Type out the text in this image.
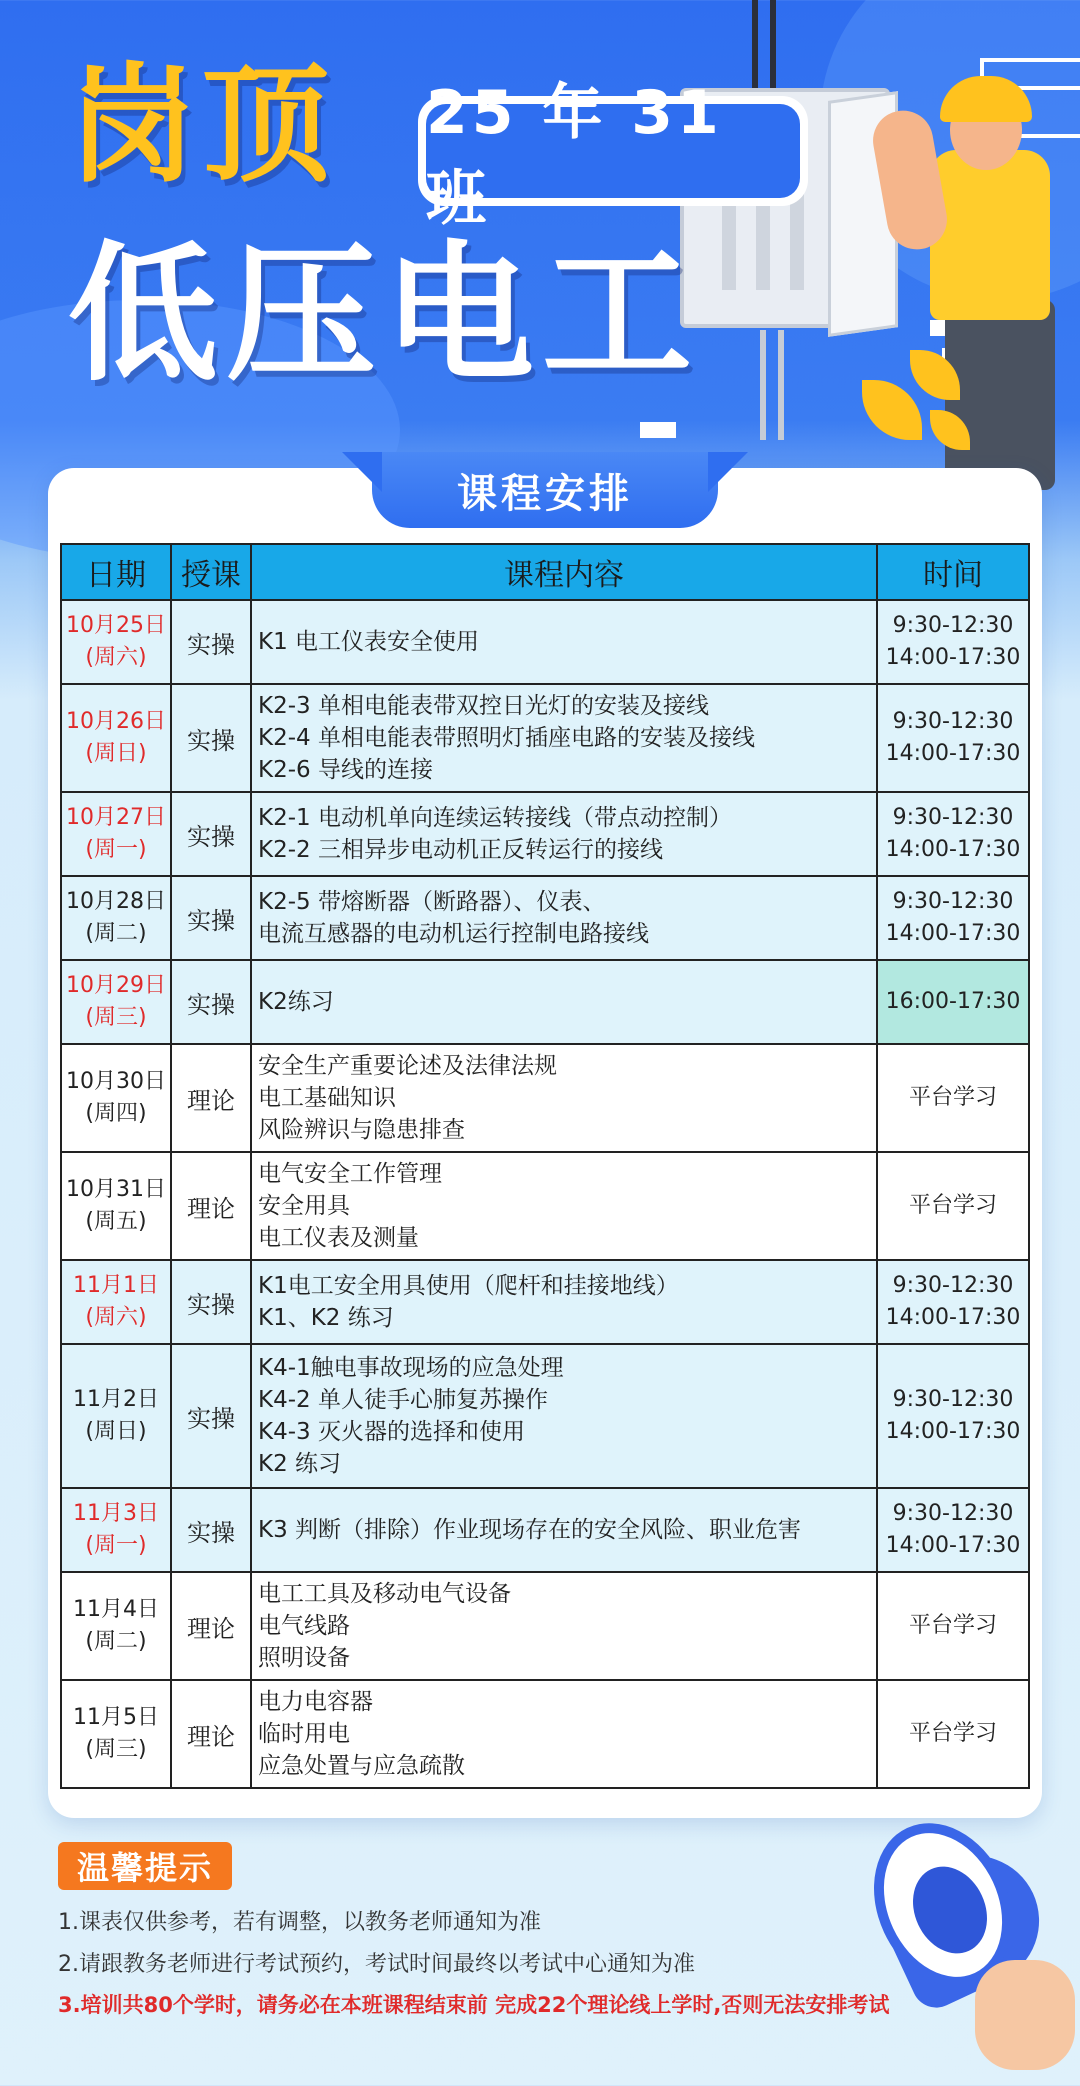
岗顶
低压电工
25 年 31 班
课程安排
日期	授课	课程内容	时间

10月25日
(周六)	实操	K1 电工仪表安全使用	9:30-12:30
14:00-17:30

10月26日
(周日)	实操	K2-3 单相电能表带双控日光灯的安装及接线
K2-4 单相电能表带照明灯插座电路的安装及接线
K2-6 导线的连接	9:30-12:30
14:00-17:30

10月27日
(周一)	实操	K2-1 电动机单向连续运转接线（带点动控制）
K2-2 三相异步电动机正反转运行的接线	9:30-12:30
14:00-17:30

10月28日
(周二)	实操	K2-5 带熔断器（断路器）、仪表、
电流互感器的电动机运行控制电路接线	9:30-12:30
14:00-17:30

10月29日
(周三)	实操	K2练习	16:00-17:30

10月30日
(周四)	理论	安全生产重要论述及法律法规
电工基础知识
风险辨识与隐患排查	平台学习

10月31日
(周五)	理论	电气安全工作管理
安全用具
电工仪表及测量	平台学习

11月1日
(周六)	实操	K1电工安全用具使用（爬杆和挂接地线）
K1、K2 练习	9:30-12:30
14:00-17:30

11月2日
(周日)	实操	K4-1触电事故现场的应急处理
K4-2 单人徒手心肺复苏操作
K4-3 灭火器的选择和使用
K2 练习	9:30-12:30
14:00-17:30

11月3日
(周一)	实操	K3 判断（排除）作业现场存在的安全风险、职业危害	9:30-12:30
14:00-17:30

11月4日
(周二)	理论	电工工具及移动电气设备
电气线路
照明设备	平台学习

11月5日
(周三)	理论	电力电容器
临时用电
应急处置与应急疏散	平台学习
温馨提示
1.课表仅供参考，若有调整，以教务老师通知为准
2.请跟教务老师进行考试预约，考试时间最终以考试中心通知为准
3.培训共80个学时，请务必在本班课程结束前 完成22个理论线上学时,否则无法安排考试
